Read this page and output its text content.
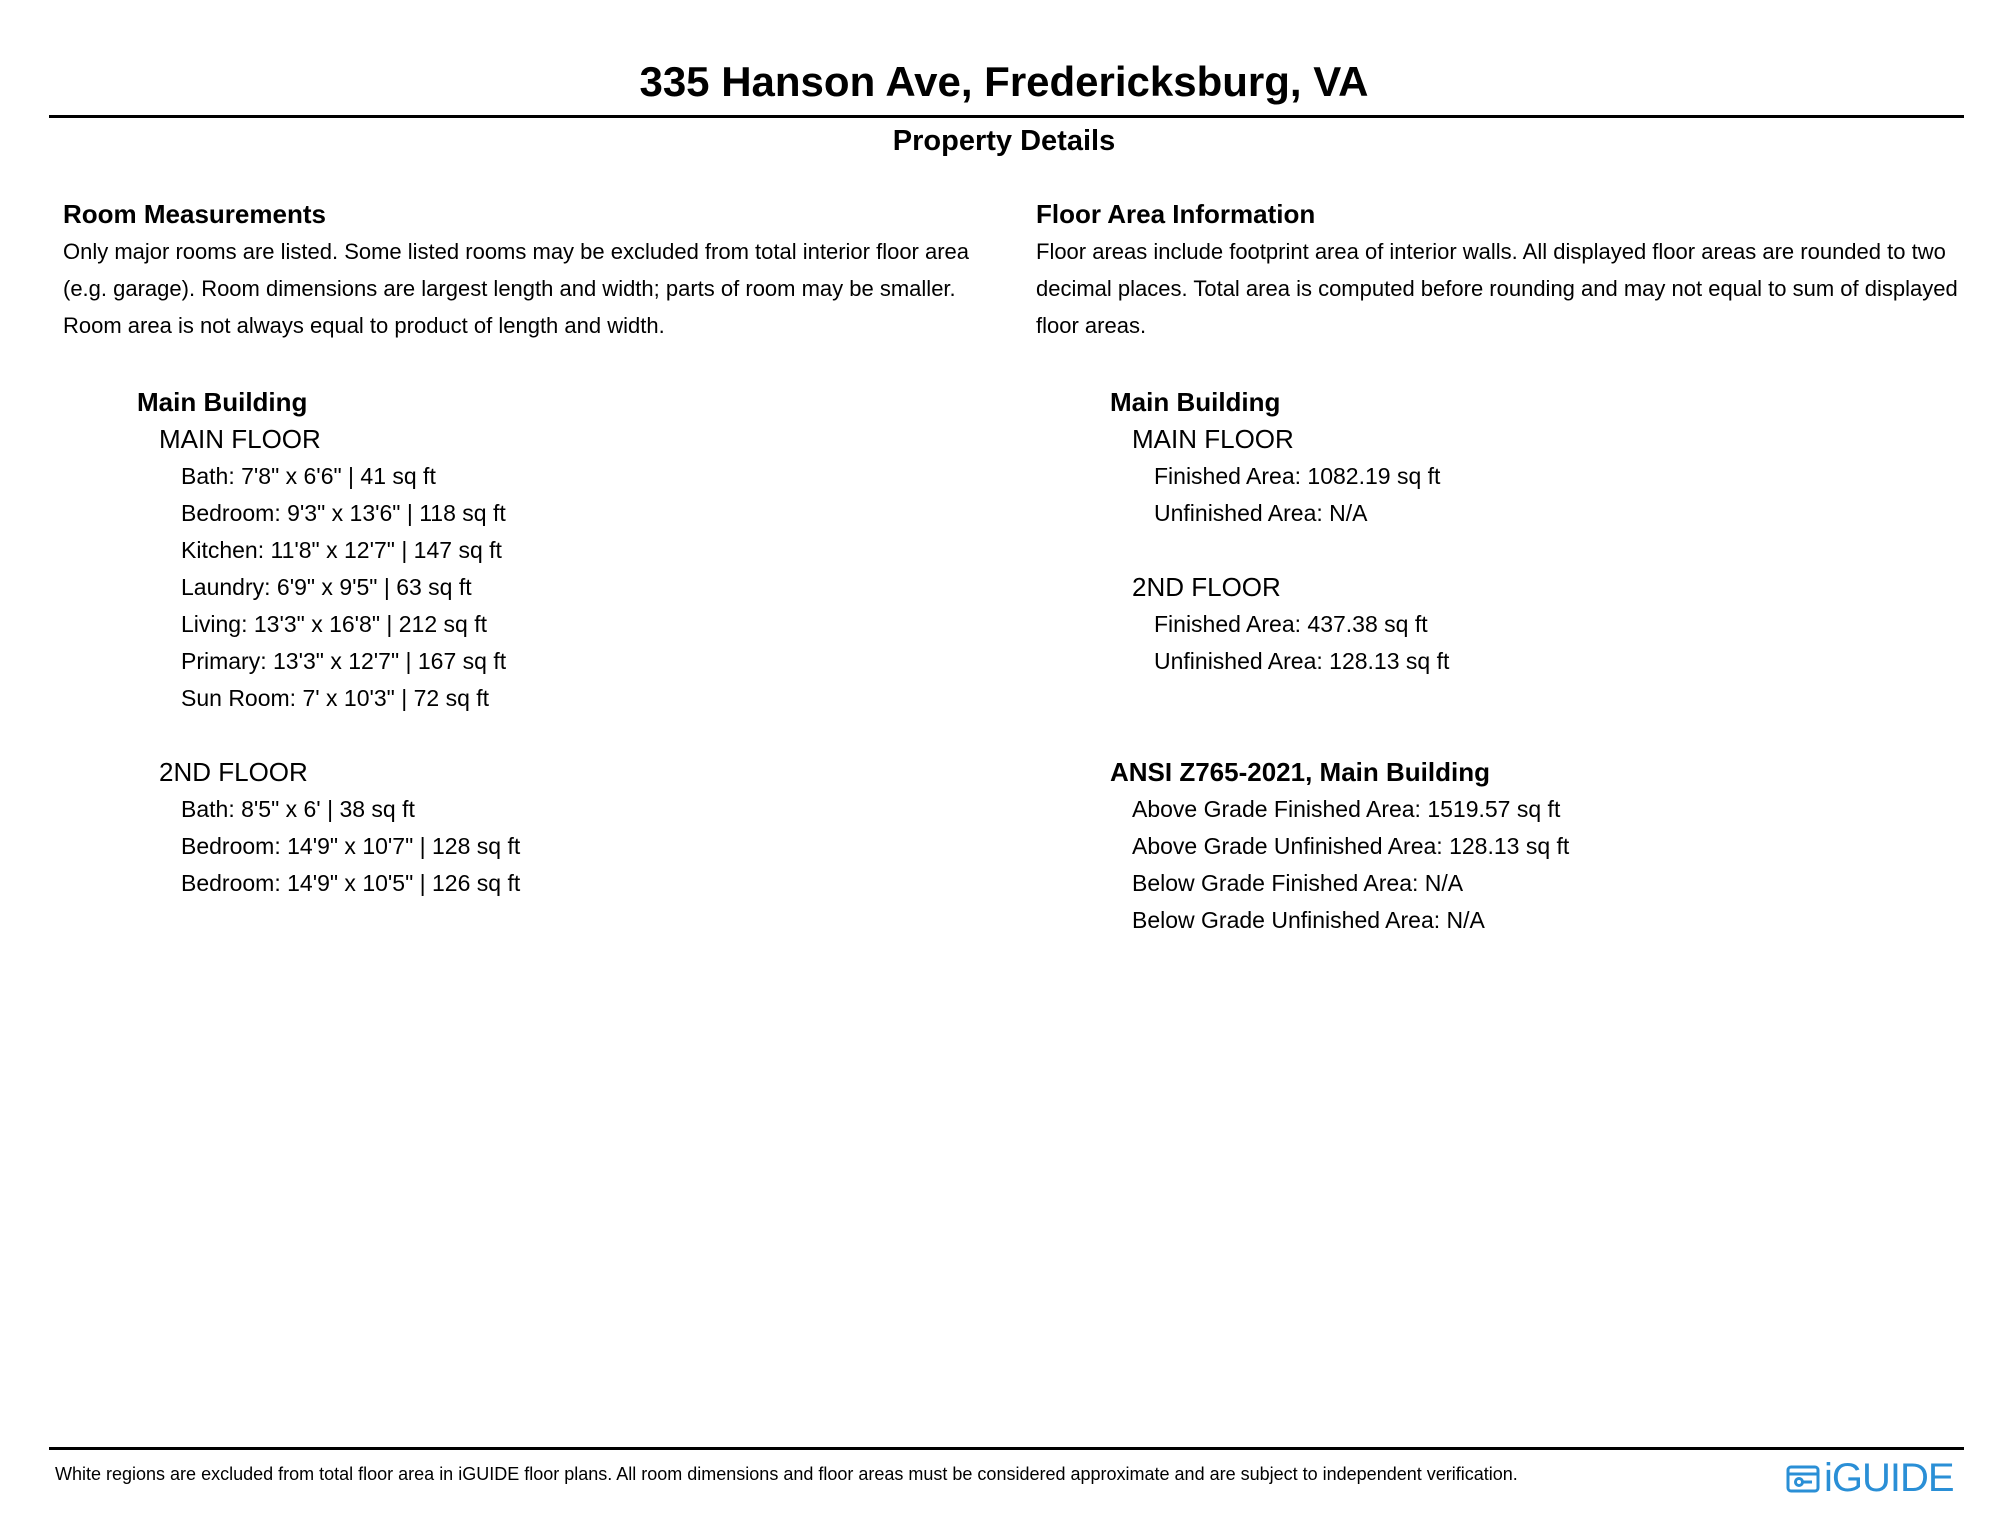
335 Hanson Ave, Fredericksburg, VA
Property Details
Room Measurements

Only major rooms are listed. Some listed rooms may be excluded from total interior floor area
(e.g. garage). Room dimensions are largest length and width; parts of room may be smaller.
Room area is not always equal to product of length and width.

Main Building
MAIN FLOOR
Bath: 7'8" x 6'6" | 41 sq ft
Bedroom: 9'3" x 13'6" | 118 sq ft
Kitchen: 11'8" x 12'7" | 147 sq ft
Laundry: 6'9" x 9'5" | 63 sq ft
Living: 13'3" x 16'8" | 212 sq ft
Primary: 13'3" x 12'7" | 167 sq ft
Sun Room: 7' x 10'3" | 72 sq ft
2ND FLOOR
Bath: 8'5" x 6' | 38 sq ft
Bedroom: 14'9" x 10'7" | 128 sq ft
Bedroom: 14'9" x 10'5" | 126 sq ft
Floor Area Information

Floor areas include footprint area of interior walls. All displayed floor areas are rounded to two
decimal places. Total area is computed before rounding and may not equal to sum of displayed
floor areas.

Main Building
MAIN FLOOR
Finished Area: 1082.19 sq ft
Unfinished Area: N/A
2ND FLOOR
Finished Area: 437.38 sq ft
Unfinished Area: 128.13 sq ft
ANSI Z765-2021, Main Building
Above Grade Finished Area: 1519.57 sq ft
Above Grade Unfinished Area: 128.13 sq ft
Below Grade Finished Area: N/A
Below Grade Unfinished Area: N/A
White regions are excluded from total floor area in iGUIDE floor plans. All room dimensions and floor areas must be considered approximate and are subject to independent verification.	iGUIDE
